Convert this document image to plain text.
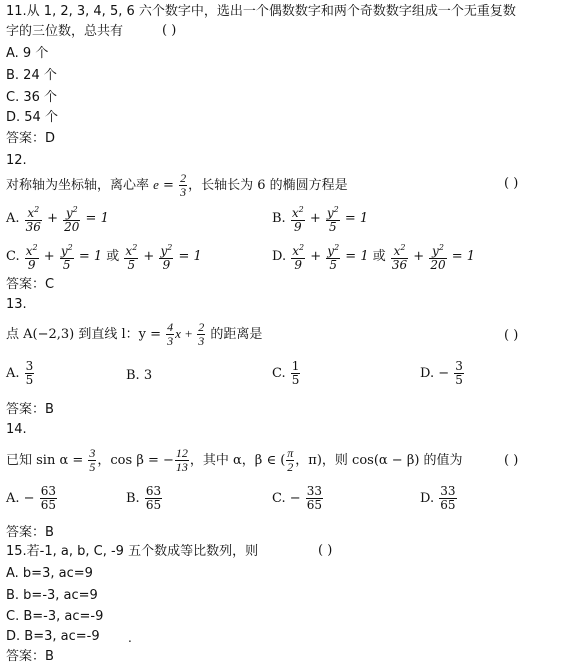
11.从 1, 2, 3, 4, 5, 6 六个数字中，选出一个偶数数字和两个奇数数字组成一个无重复数
字的三位数，总共有	( )
A. 9 个
B. 24 个
C. 36 个
D. 54 个
答案：D
12.
对称轴为坐标轴，离心率 $e = \frac{2}{3}$ ，长轴长为 6 的椭圆方程是	( )
A. $\frac{x^2}{36} + \frac{y^2}{20} = 1$	B. $\frac{x^2}{9} + \frac{y^2}{5} = 1$
C. $\frac{x^2}{9} + \frac{y^2}{5} = 1$ 或 $\frac{x^2}{5} + \frac{y^2}{9} = 1$	D. $\frac{x^2}{9} + \frac{y^2}{5} = 1$ 或 $\frac{x^2}{36} + \frac{y^2}{20} = 1$
答案：C
13.
点 A(−2,3) 到直线 l：$y = \frac{4}{3}$ $x + \frac{2}{3}$ 的距离是	( )
A. $\frac{3}{5}$	B. 3	C. $\frac{1}{5}$	D. − $\frac{3}{5}$
答案：B
14.
已知 $\sin \alpha = \frac{3}{5}$ ，cos β = − $\frac{12}{13}$ ，其中 α，β ∈ ( $\frac{\pi}{2}$ ，π)，则 cos(α − β) 的值为	( )
A. − $\frac{63}{65}$	B. $\frac{63}{65}$	C. − $\frac{33}{65}$	D. $\frac{33}{65}$
答案：B
15.若-1, a, b, C, -9 五个数成等比数列，则	( )
A. b=3, ac=9
B. b=-3, ac=9
C. B=-3, ac=-9
D. B=3, ac=-9 .
答案：B
